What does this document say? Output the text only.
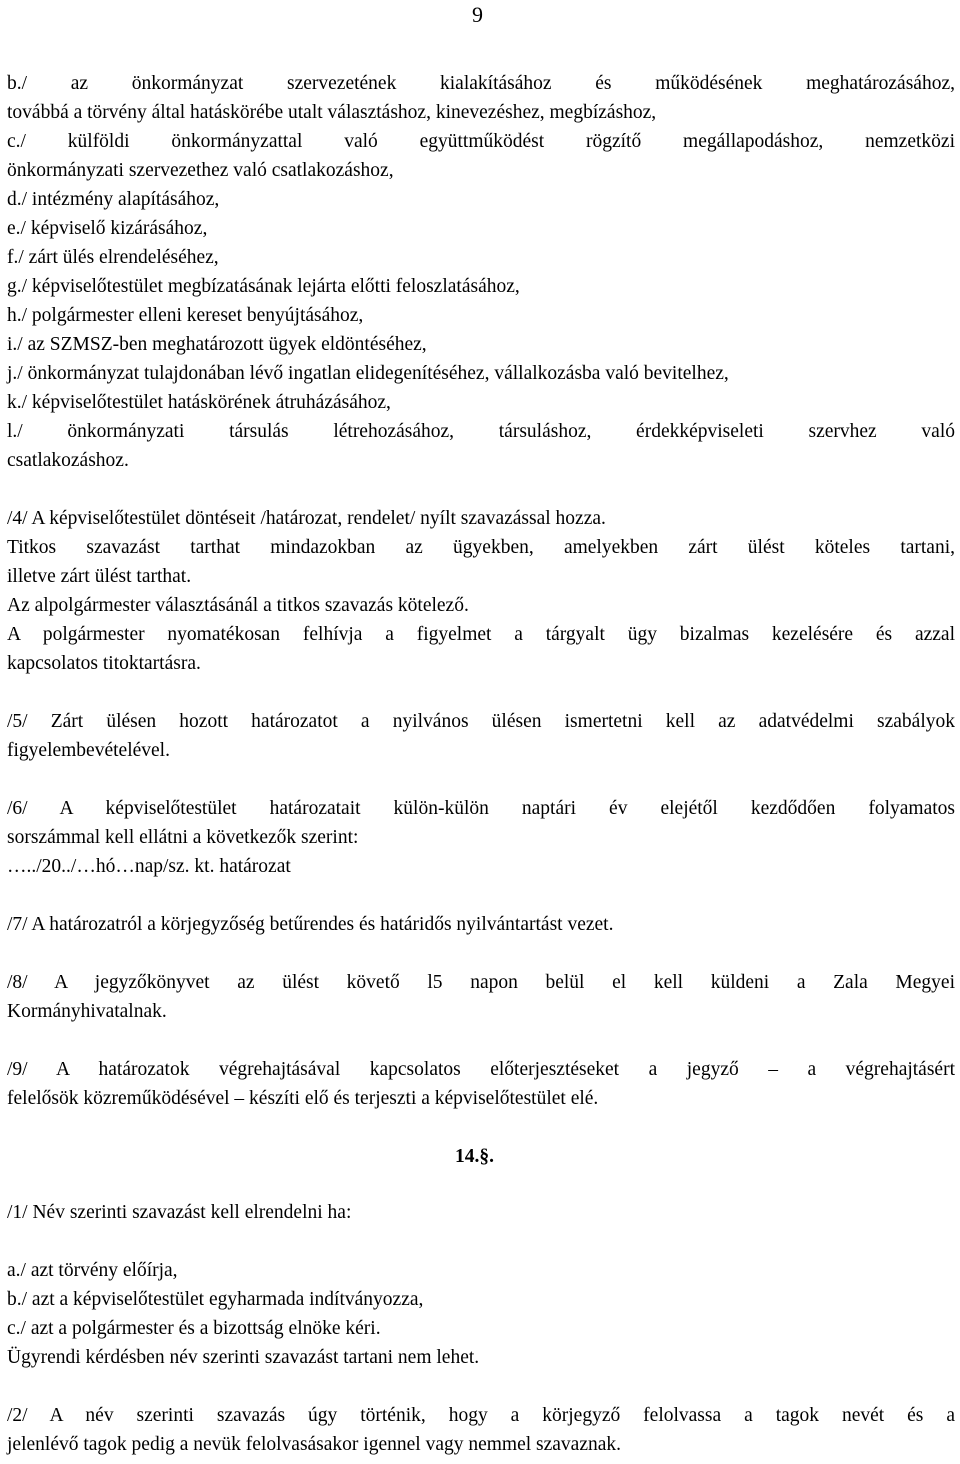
9

b./ az önkormányzat szervezetének kialakításához és működésének meghatározásához,

továbbá a törvény által hatáskörébe utalt választáshoz, kinevezéshez, megbízáshoz,

c./ külföldi önkormányzattal való együttműködést rögzítő megállapodáshoz, nemzetközi

önkormányzati szervezethez való csatlakozáshoz,

d./ intézmény alapításához,

e./ képviselő kizárásához,

f./ zárt ülés elrendeléséhez,

g./ képviselőtestület megbízatásának lejárta előtti feloszlatásához,

h./ polgármester elleni kereset benyújtásához,

i./ az SZMSZ-ben meghatározott ügyek eldöntéséhez,

j./ önkormányzat tulajdonában lévő ingatlan elidegenítéséhez, vállalkozásba való bevitelhez,

k./ képviselőtestület hatáskörének átruházásához,

l./ önkormányzati társulás létrehozásához, társuláshoz, érdekképviseleti szervhez való

csatlakozáshoz.

/4/ A képviselőtestület döntéseit /határozat, rendelet/ nyílt szavazással hozza.

Titkos szavazást tarthat mindazokban az ügyekben, amelyekben zárt ülést köteles tartani,

illetve zárt ülést tarthat.

Az alpolgármester választásánál a titkos szavazás kötelező.

A polgármester nyomatékosan felhívja a figyelmet a tárgyalt ügy bizalmas kezelésére és azzal

kapcsolatos titoktartásra.

/5/ Zárt ülésen hozott határozatot a nyilvános ülésen ismertetni kell az adatvédelmi szabályok

figyelembevételével.

/6/ A képviselőtestület határozatait külön-külön naptári év elejétől kezdődően folyamatos

sorszámmal kell ellátni a következők szerint:

…../20../…hó…nap/sz. kt. határozat

/7/ A határozatról a körjegyzőség betűrendes és határidős nyilvántartást vezet.

/8/ A jegyzőkönyvet az ülést követő l5 napon belül el kell küldeni a Zala Megyei

Kormányhivatalnak.

/9/ A határozatok végrehajtásával kapcsolatos előterjesztéseket a jegyző – a végrehajtásért

felelősök közreműködésével – készíti elő és terjeszti a képviselőtestület elé.

14.§.

/1/ Név szerinti szavazást kell elrendelni ha:

a./ azt törvény előírja,

b./ azt a képviselőtestület egyharmada indítványozza,

c./ azt a polgármester és a bizottság elnöke kéri.

Ügyrendi kérdésben név szerinti szavazást tartani nem lehet.

/2/ A név szerinti szavazás úgy történik, hogy a körjegyző felolvassa a tagok nevét és a

jelenlévő tagok pedig a nevük felolvasásakor igennel vagy nemmel szavaznak.
